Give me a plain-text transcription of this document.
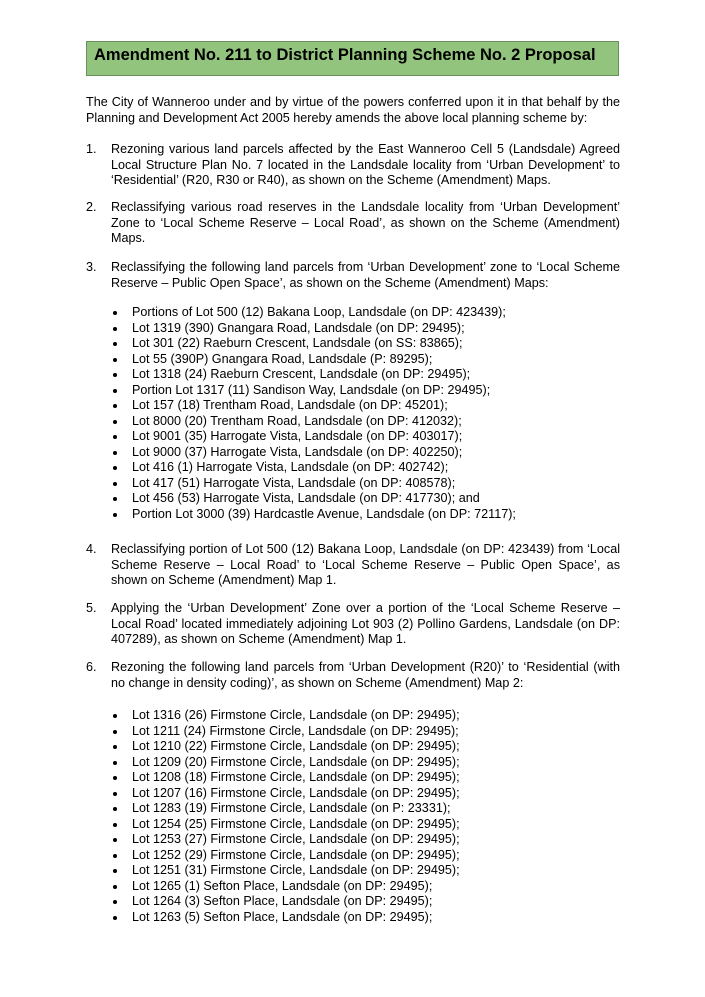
Amendment No. 211 to District Planning Scheme No. 2 Proposal
The City of Wanneroo under and by virtue of the powers conferred upon it in that behalf by the Planning and Development Act 2005 hereby amends the above local planning scheme by:
1.	Rezoning various land parcels affected by the East Wanneroo Cell 5 (Landsdale) Agreed Local Structure Plan No. 7 located in the Landsdale locality from ‘Urban Development’ to ‘Residential’ (R20, R30 or R40), as shown on the Scheme (Amendment) Maps.
2.	Reclassifying various road reserves in the Landsdale locality from ‘Urban Development’ Zone to ‘Local Scheme Reserve – Local Road’, as shown on the Scheme (Amendment) Maps.
3.	Reclassifying the following land parcels from ‘Urban Development’ zone to ‘Local Scheme Reserve – Public Open Space’, as shown on the Scheme (Amendment) Maps:
Portions of Lot 500 (12) Bakana Loop, Landsdale (on DP: 423439);
Lot 1319 (390) Gnangara Road, Landsdale (on DP: 29495);
Lot 301 (22) Raeburn Crescent, Landsdale (on SS: 83865);
Lot 55 (390P) Gnangara Road, Landsdale (P: 89295);
Lot 1318 (24) Raeburn Crescent, Landsdale (on DP: 29495);
Portion Lot 1317 (11) Sandison Way, Landsdale (on DP: 29495);
Lot 157 (18) Trentham Road, Landsdale (on DP: 45201);
Lot 8000 (20) Trentham Road, Landsdale (on DP: 412032);
Lot 9001 (35) Harrogate Vista, Landsdale (on DP: 403017);
Lot 9000 (37) Harrogate Vista, Landsdale (on DP: 402250);
Lot 416 (1) Harrogate Vista, Landsdale (on DP: 402742);
Lot 417 (51) Harrogate Vista, Landsdale (on DP: 408578);
Lot 456 (53) Harrogate Vista, Landsdale (on DP: 417730); and
Portion Lot 3000 (39) Hardcastle Avenue, Landsdale (on DP: 72117);
4.	Reclassifying portion of Lot 500 (12) Bakana Loop, Landsdale (on DP: 423439) from ‘Local Scheme Reserve – Local Road’ to ‘Local Scheme Reserve – Public Open Space’, as shown on Scheme (Amendment) Map 1.
5.	Applying the ‘Urban Development’ Zone over a portion of the ‘Local Scheme Reserve – Local Road’ located immediately adjoining Lot 903 (2) Pollino Gardens, Landsdale (on DP: 407289), as shown on Scheme (Amendment) Map 1.
6.	Rezoning the following land parcels from ‘Urban Development (R20)’ to ‘Residential (with no change in density coding)’, as shown on Scheme (Amendment) Map 2:
Lot 1316 (26) Firmstone Circle, Landsdale (on DP: 29495);
Lot 1211 (24) Firmstone Circle, Landsdale (on DP: 29495);
Lot 1210 (22) Firmstone Circle, Landsdale (on DP: 29495);
Lot 1209 (20) Firmstone Circle, Landsdale (on DP: 29495);
Lot 1208 (18) Firmstone Circle, Landsdale (on DP: 29495);
Lot 1207 (16) Firmstone Circle, Landsdale (on DP: 29495);
Lot 1283 (19) Firmstone Circle, Landsdale (on P: 23331);
Lot 1254 (25) Firmstone Circle, Landsdale (on DP: 29495);
Lot 1253 (27) Firmstone Circle, Landsdale (on DP: 29495);
Lot 1252 (29) Firmstone Circle, Landsdale (on DP: 29495);
Lot 1251 (31) Firmstone Circle, Landsdale (on DP: 29495);
Lot 1265 (1) Sefton Place, Landsdale (on DP: 29495);
Lot 1264 (3) Sefton Place, Landsdale (on DP: 29495);
Lot 1263 (5) Sefton Place, Landsdale (on DP: 29495);
